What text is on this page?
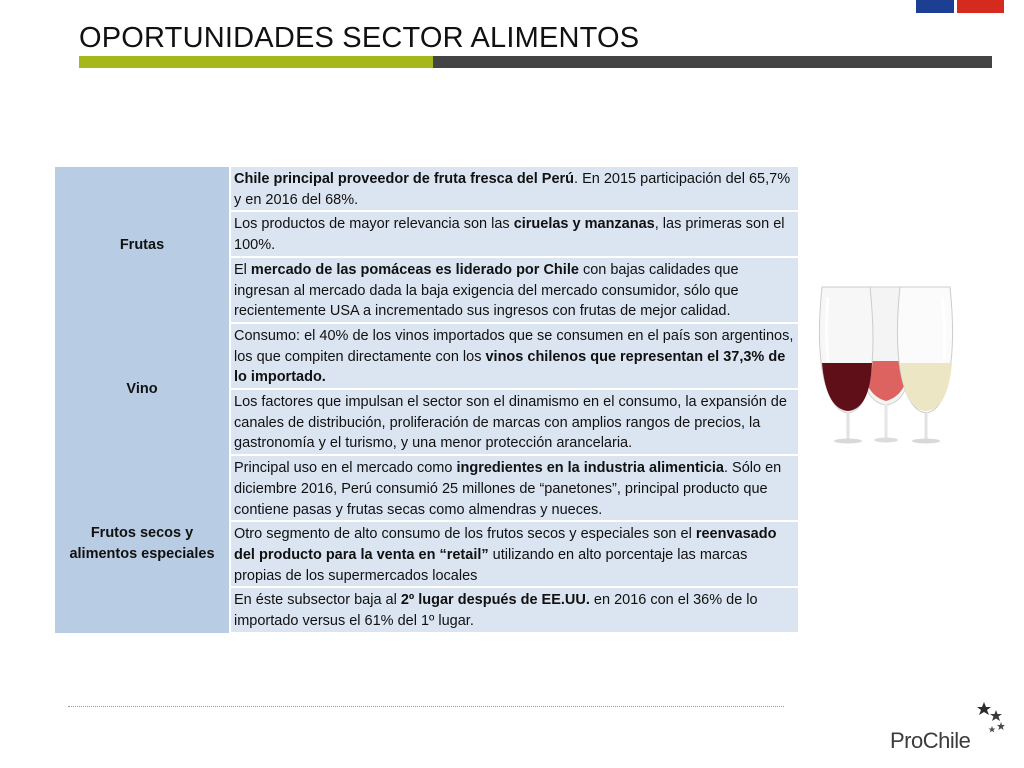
OPORTUNIDADES SECTOR ALIMENTOS
Frutas	Chile principal proveedor de fruta fresca del Perú. En 2015 participación del 65,7% y en 2016 del 68%.
	Los productos de mayor relevancia son las ciruelas y manzanas, las primeras son el 100%.
	El mercado de las pomáceas es liderado por Chile con bajas calidades que ingresan al mercado dada la baja exigencia del mercado consumidor, sólo que recientemente USA a incrementado sus ingresos con frutas de mejor calidad.
Vino	Consumo: el 40% de los vinos importados que se consumen en el país son argentinos, los que compiten directamente con los vinos chilenos que representan el 37,3% de lo importado.
	Los factores que impulsan el sector son el dinamismo en el consumo, la expansión de canales de distribución, proliferación de marcas con amplios rangos de precios, la gastronomía y el turismo, y una menor protección arancelaria.
Frutos secos y alimentos especiales	Principal uso en el mercado como ingredientes en la industria alimenticia. Sólo en diciembre 2016, Perú consumió 25 millones de “panetones”, principal producto que contiene pasas y frutas secas como almendras y nueces.
	Otro segmento de alto consumo de los frutos secos y especiales son el reenvasado del producto para la venta en “retail” utilizando en alto porcentaje las marcas propias de los supermercados locales
	En éste subsector baja al 2º lugar después de EE.UU. en 2016 con el 36% de lo importado versus el 61% del 1º lugar.
ProChile
